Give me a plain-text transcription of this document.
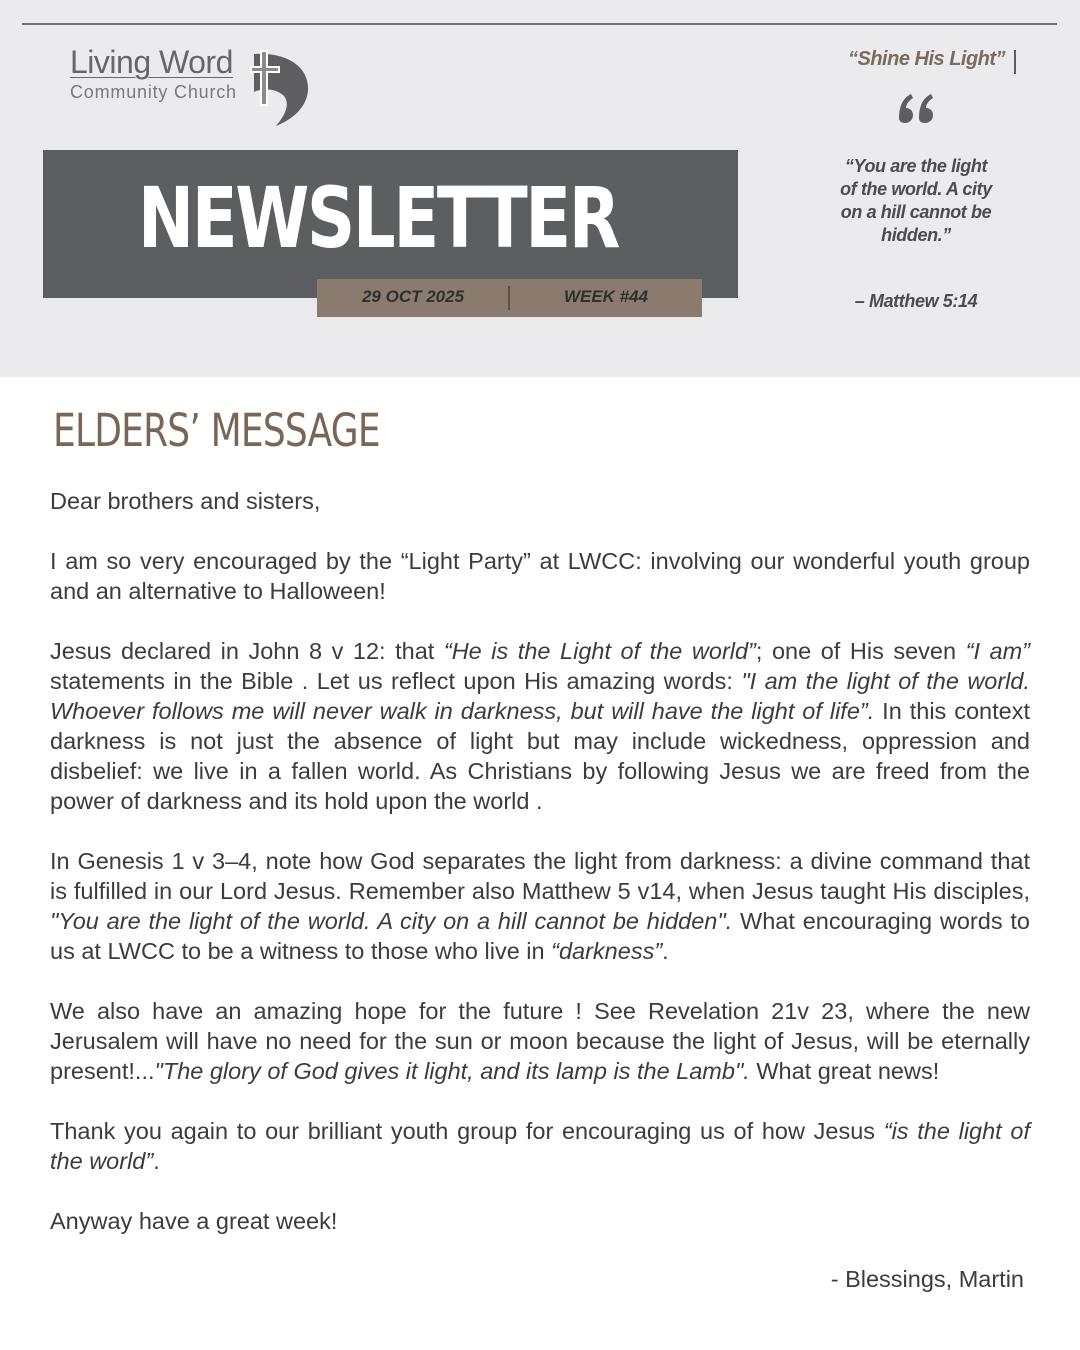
Living Word
Community Church
NEWSLETTER
29 OCT 2025	WEEK #44
“Shine His Light”
“You are the light of the world. A city on a hill cannot be hidden.”
– Matthew 5:14
ELDERS’ MESSAGE

Dear brothers and sisters,

I am so very encouraged by the “Light Party” at LWCC: involving our wonderful youth group and an alternative to Halloween!

Jesus declared in John 8 v 12: that “He is the Light of the world”; one of His seven “I am” statements in the Bible . Let us reflect upon His amazing words: "I am the light of the world. Whoever follows me will never walk in darkness, but will have the light of life”. In this context darkness is not just the absence of light but may include wickedness, oppression and disbelief: we live in a fallen world. As Christians by following Jesus we are freed from the power of darkness and its hold upon the world .

In Genesis 1 v 3–4, note how God separates the light from darkness: a divine command that is fulfilled in our Lord Jesus. Remember also Matthew 5 v14, when Jesus taught His disciples, "You are the light of the world. A city on a hill cannot be hidden". What encouraging words to us at LWCC to be a witness to those who live in “darkness”.

We also have an amazing hope for the future ! See Revelation 21v 23, where the new Jerusalem will have no need for the sun or moon because the light of Jesus, will be eternally present!..."The glory of God gives it light, and its lamp is the Lamb". What great news!

Thank you again to our brilliant youth group for encouraging us of how Jesus “is the light of the world”.

Anyway have a great week!

- Blessings, Martin
